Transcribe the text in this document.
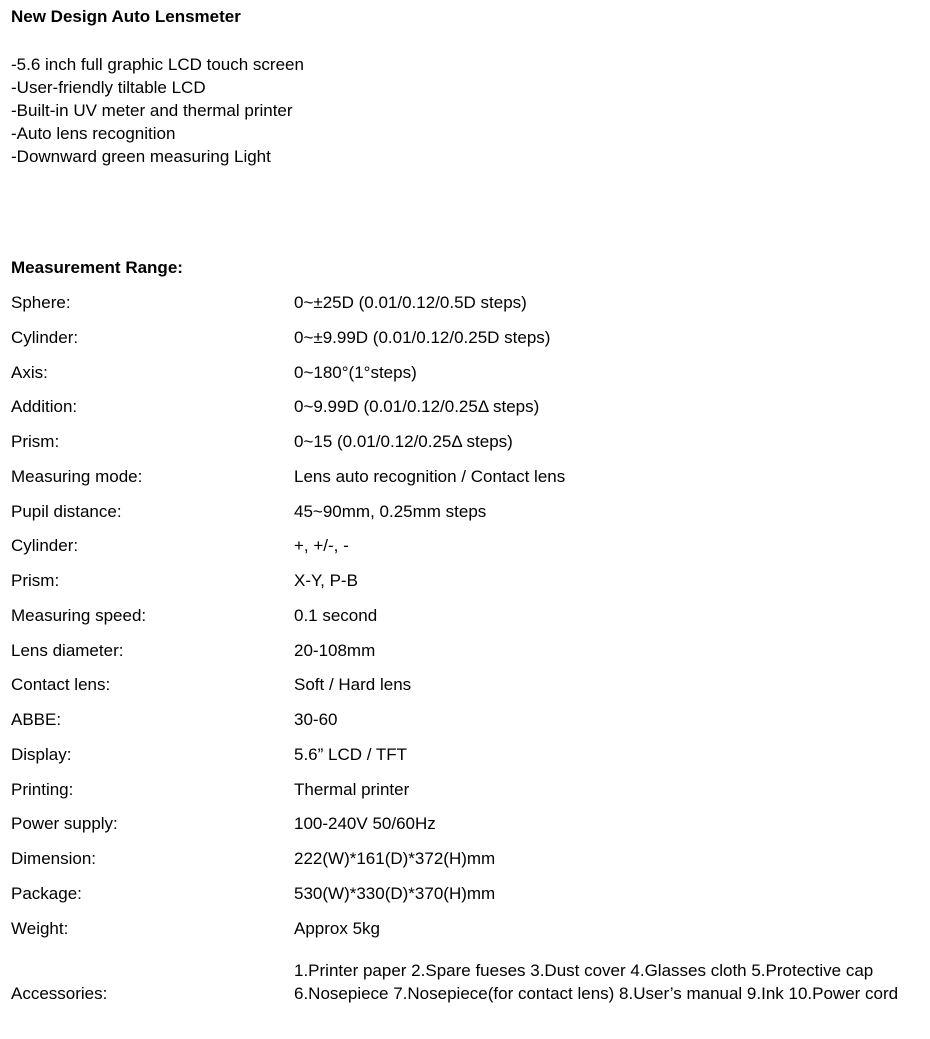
New Design Auto Lensmeter
-5.6 inch full graphic LCD touch screen
-User-friendly tiltable LCD
-Built-in UV meter and thermal printer
-Auto lens recognition
-Downward green measuring Light
Measurement Range:
Sphere:	0~±25D (0.01/0.12/0.5D steps)
Cylinder:	0~±9.99D (0.01/0.12/0.25D steps)
Axis:	0~180°(1°steps)
Addition:	0~9.99D (0.01/0.12/0.25Δ steps)
Prism:	0~15 (0.01/0.12/0.25Δ steps)
Measuring mode:	Lens auto recognition / Contact lens
Pupil distance:	45~90mm, 0.25mm steps
Cylinder:	+, +/-, -
Prism:	X-Y, P-B
Measuring speed:	0.1 second
Lens diameter:	20-108mm
Contact lens:	Soft / Hard lens
ABBE:	30-60
Display:	5.6” LCD / TFT
Printing:	Thermal printer
Power supply:	100-240V 50/60Hz
Dimension:	222(W)*161(D)*372(H)mm
Package:	530(W)*330(D)*370(H)mm
Weight:	Approx 5kg
Accessories:
1.Printer paper 2.Spare fueses 3.Dust cover 4.Glasses cloth 5.Protective cap 6.Nosepiece 7.Nosepiece(for contact lens) 8.User’s manual 9.Ink 10.Power cord
